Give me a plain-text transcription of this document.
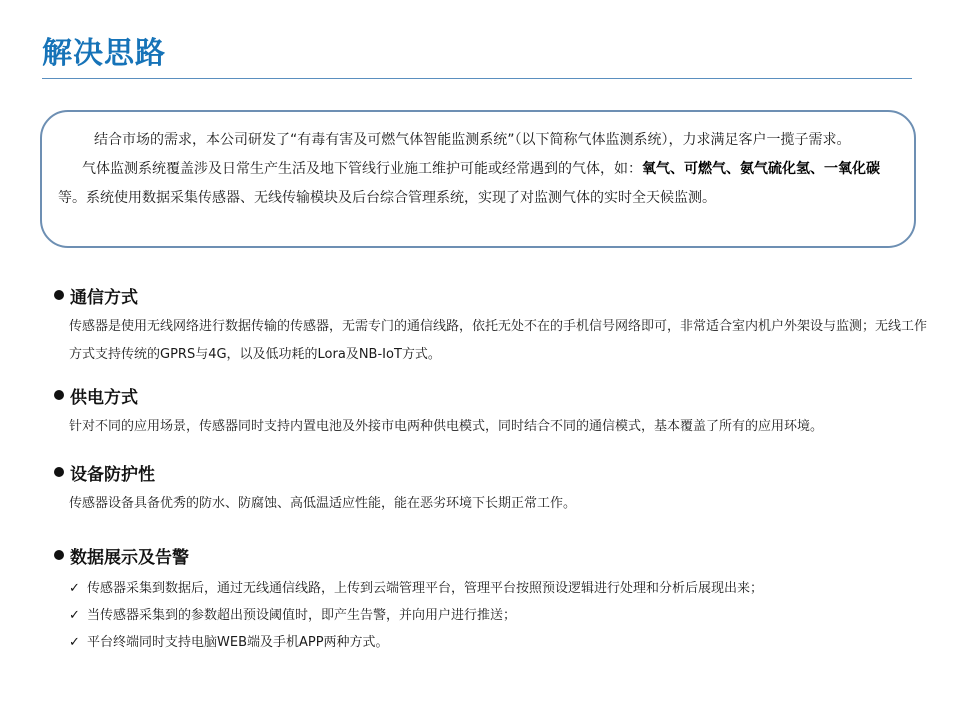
解决思路

结合市场的需求，本公司研发了“有毒有害及可燃气体智能监测系统”（以下简称气体监测系统），力求满足客户一揽子需求。

气体监测系统覆盖涉及日常生产生活及地下管线行业施工维护可能或经常遇到的气体，如：氧气、可燃气、氨气硫化氢、一氧化碳等。系统使用数据采集传感器、无线传输模块及后台综合管理系统，实现了对监测气体的实时全天候监测。

通信方式
传感器是使用无线网络进行数据传输的传感器，无需专门的通信线路，依托无处不在的手机信号网络即可，非常适合室内机户外架设与监测；无线工作方式支持传统的GPRS与4G，以及低功耗的Lora及NB-IoT方式。
供电方式
针对不同的应用场景，传感器同时支持内置电池及外接市电两种供电模式，同时结合不同的通信模式，基本覆盖了所有的应用环境。
设备防护性
传感器设备具备优秀的防水、防腐蚀、高低温适应性能，能在恶劣环境下长期正常工作。
数据展示及告警
✓ 传感器采集到数据后，通过无线通信线路，上传到云端管理平台，管理平台按照预设逻辑进行处理和分析后展现出来；
✓ 当传感器采集到的参数超出预设阈值时，即产生告警，并向用户进行推送；
✓ 平台终端同时支持电脑WEB端及手机APP两种方式。
